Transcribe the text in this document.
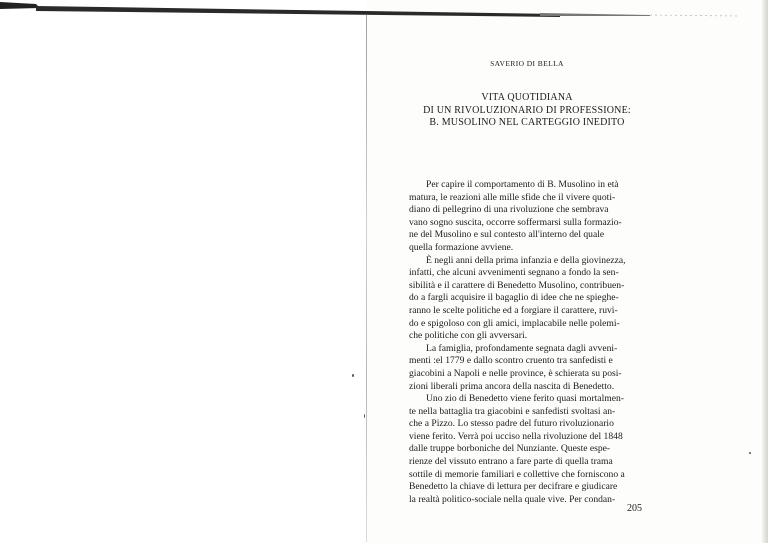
SAVERIO DI BELLA
VITA QUOTIDIANA
DI UN RIVOLUZIONARIO DI PROFESSIONE:
B. MUSOLINO NEL CARTEGGIO INEDITO

Per capire il comportamento di B. Musolino in età
matura, le reazioni alle mille sfide che il vivere quoti-
diano di pellegrino di una rivoluzione che sembrava
vano sogno suscita, occorre soffermarsi sulla formazio-
ne del Musolino e sul contesto all'interno del quale
quella formazione avviene.

È negli anni della prima infanzia e della giovinezza,
infatti, che alcuni avvenimenti segnano a fondo la sen-
sibilità e il carattere di Benedetto Musolino, contribuen-
do a fargli acquisire il bagaglio di idee che ne spieghe-
ranno le scelte politiche ed a forgiare il carattere, ruvi-
do e spigoloso con gli amici, implacabile nelle polemi-
che politiche con gli avversari.

La famiglia, profondamente segnata dagli avveni-
menti :el 1779 e dallo scontro cruento tra sanfedisti e
giacobini a Napoli e nelle province, è schierata su posi-
zioni liberali prima ancora della nascita di Benedetto.

Uno zio di Benedetto viene ferito quasi mortalmen-
te nella battaglia tra giacobini e sanfedisti svoltasi an-
che a Pizzo. Lo stesso padre del futuro rivoluzionario
viene ferito. Verrà poi ucciso nella rivoluzione del 1848
dalle truppe borboniche del Nunziante. Queste espe-
rienze del vissuto entrano a fare parte di quella trama
sottile di memorie familiari e collettive che forniscono a
Benedetto la chiave di lettura per decifrare e giudicare
la realtà politico-sociale nella quale vive. Per condan-

205
